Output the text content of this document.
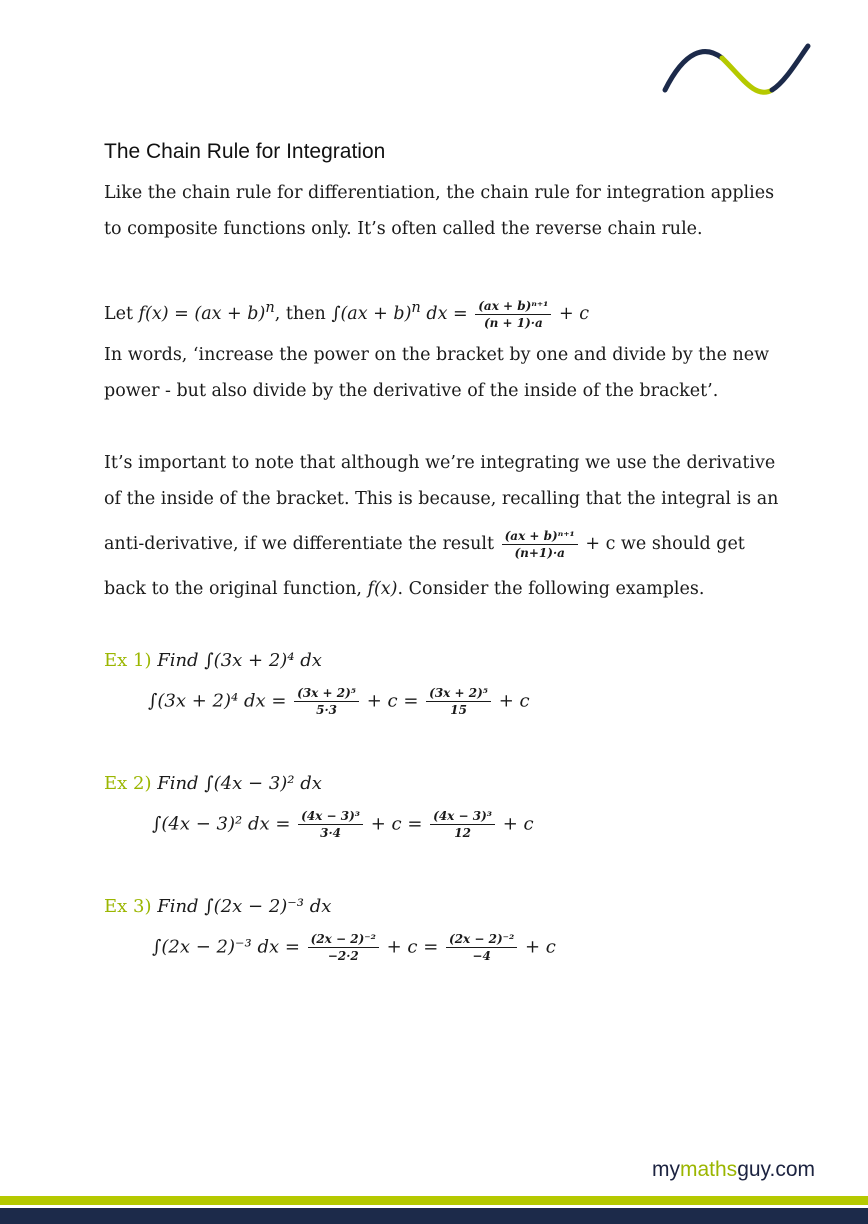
The Chain Rule for Integration
Like the chain rule for differentiation, the chain rule for integration applies
to composite functions only. It’s often called the reverse chain rule.
Let f(x) = (ax + b)$^n$, then ∫(ax + b)$^n$ dx = $\frac{\text{(ax + b)ⁿ⁺¹}}{(n + 1)\cdot a} + c$
In words, ‘increase the power on the bracket by one and divide by the new
power - but also divide by the derivative of the inside of the bracket’.
It’s important to note that although we’re integrating we use the derivative
of the inside of the bracket. This is because, recalling that the integral is an
anti-derivative, if we differentiate the result $\frac{\text{(ax + b)ⁿ⁺¹}}{(n+1)\cdot a} + c$ we should get
back to the original function, f(x). Consider the following examples.
Ex 1) Find ∫(3x + 2)⁴ dx
∫(3x + 2)⁴ dx = $\frac{\text{(3x + 2)⁵}}{5\cdot 3} + c = \frac{\text{(3x + 2)⁵}}{15} + c$
Ex 2) Find ∫(4x − 3)² dx
∫(4x − 3)² dx = $\frac{\text{(4x − 3)³}}{3\cdot 4} + c = \frac{\text{(4x − 3)³}}{12} + c$
Ex 3) Find ∫(2x − 2)⁻³ dx
∫(2x − 2)⁻³ dx = $\frac{\text{(2x − 2)⁻²}}{-2\cdot 2} + c = \frac{\text{(2x − 2)⁻²}}{-4} + c$
mymathsguy.com
